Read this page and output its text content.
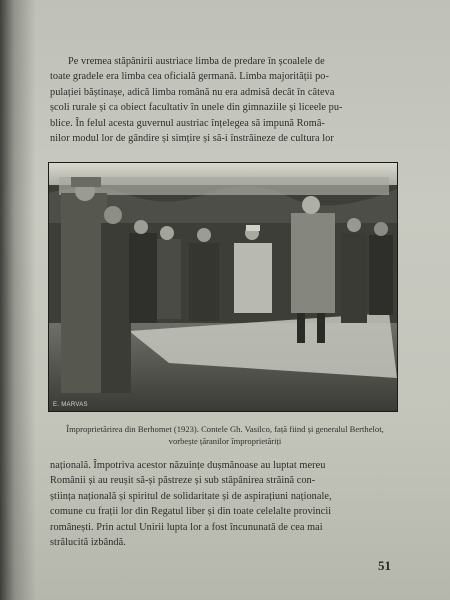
Pe vremea stăpânirii austriace limba de predare în școalele de
toate gradele era limba cea oficială germană. Limba majorității po-
pulației băștinașe, adică limba română nu era admisă decât în câteva
școli rurale și ca obiect facultativ în unele din gimnaziile și liceele pu-
blice. În felul acesta guvernul austriac înțelegea să impună Româ-
nilor modul lor de gândire și simțire și să-i înstrăineze de cultura lor
E. MARVAS
Împroprietărirea din Berhomet (1923). Contele Gh. Vasilco, față fiind și generalul Berthelot, vorbește țăranilor împroprietăriți
națională. Împotriva acestor năzuințe dușmănoase au luptat mereu
Românii și au reușit să-și păstreze și sub stăpânirea străină con-
știința națională și spiritul de solidaritate și de aspirațiuni naționale,
comune cu frații lor din Regatul liber și din toate celelalte provincii
românești. Prin actul Unirii lupta lor a fost încununată de cea mai
strălucită izbândă.
51
